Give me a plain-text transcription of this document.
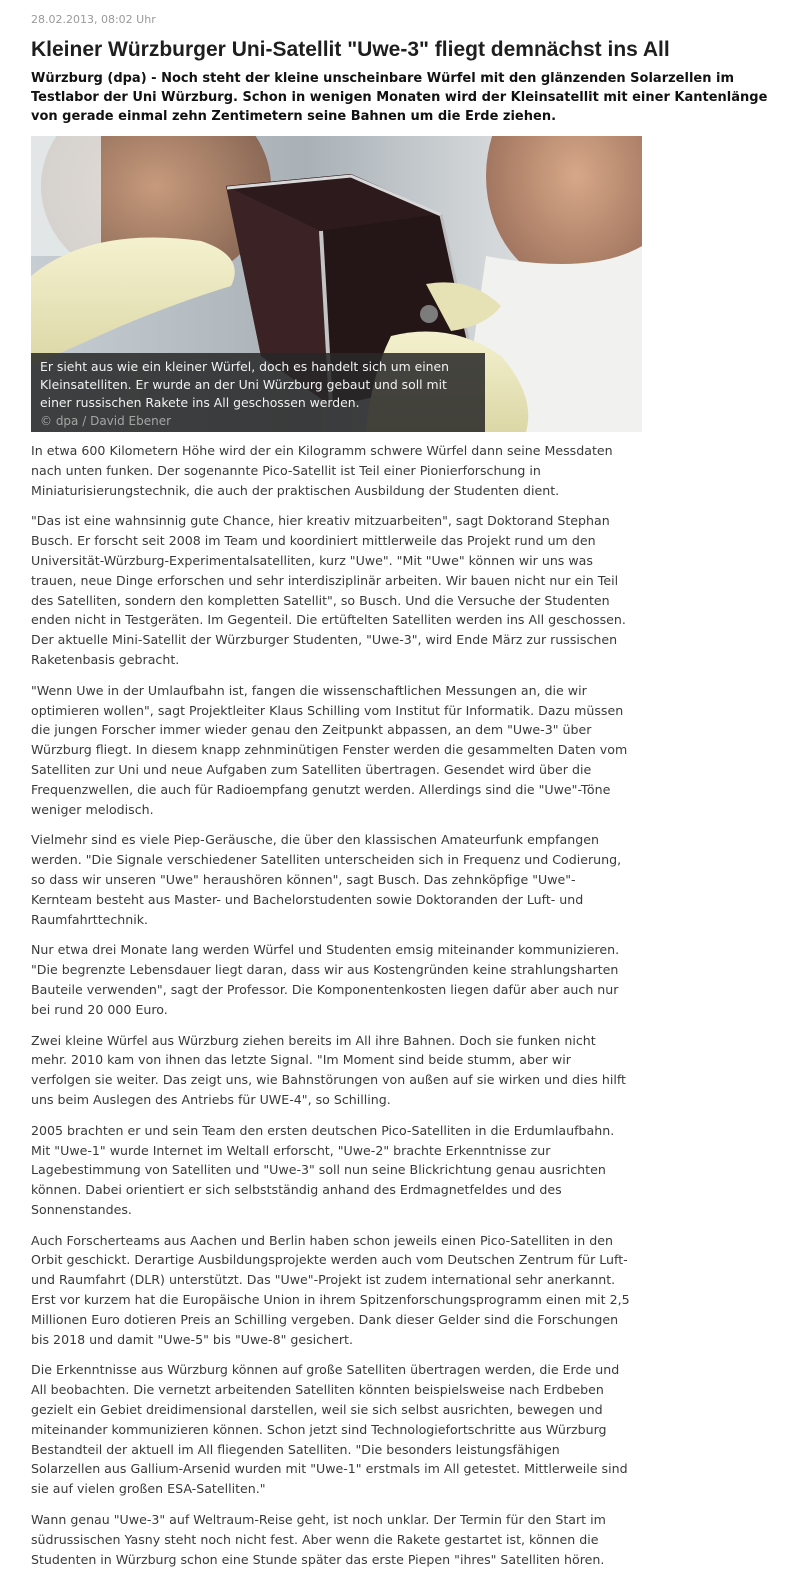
28.02.2013, 08:02 Uhr
Kleiner Würzburger Uni-Satellit "Uwe-3" fliegt demnächst ins All

Würzburg (dpa) - Noch steht der kleine unscheinbare Würfel mit den glänzenden Solarzellen im Testlabor der Uni Würzburg. Schon in wenigen Monaten wird der Kleinsatellit mit einer Kantenlänge von gerade einmal zehn Zentimetern seine Bahnen um die Erde ziehen.

Er sieht aus wie ein kleiner Würfel, doch es handelt sich um einen Kleinsatelliten. Er wurde an der Uni Würzburg gebaut und soll mit einer russischen Rakete ins All geschossen werden.
© dpa / David Ebener

In etwa 600 Kilometern Höhe wird der ein Kilogramm schwere Würfel dann seine Messdaten nach unten funken. Der sogenannte Pico-Satellit ist Teil einer Pionierforschung in Miniaturisierungstechnik, die auch der praktischen Ausbildung der Studenten dient.

"Das ist eine wahnsinnig gute Chance, hier kreativ mitzuarbeiten", sagt Doktorand Stephan Busch. Er forscht seit 2008 im Team und koordiniert mittlerweile das Projekt rund um den Universität-Würzburg-Experimentalsatelliten, kurz "Uwe". "Mit "Uwe" können wir uns was trauen, neue Dinge erforschen und sehr interdisziplinär arbeiten. Wir bauen nicht nur ein Teil des Satelliten, sondern den kompletten Satellit", so Busch. Und die Versuche der Studenten enden nicht in Testgeräten. Im Gegenteil. Die ertüftelten Satelliten werden ins All geschossen. Der aktuelle Mini-Satellit der Würzburger Studenten, "Uwe-3", wird Ende März zur russischen Raketenbasis gebracht.

"Wenn Uwe in der Umlaufbahn ist, fangen die wissenschaftlichen Messungen an, die wir optimieren wollen", sagt Projektleiter Klaus Schilling vom Institut für Informatik. Dazu müssen die jungen Forscher immer wieder genau den Zeitpunkt abpassen, an dem "Uwe-3" über Würzburg fliegt. In diesem knapp zehnminütigen Fenster werden die gesammelten Daten vom Satelliten zur Uni und neue Aufgaben zum Satelliten übertragen. Gesendet wird über die Frequenzwellen, die auch für Radioempfang genutzt werden. Allerdings sind die "Uwe"-Töne weniger melodisch.

Vielmehr sind es viele Piep-Geräusche, die über den klassischen Amateurfunk empfangen werden. "Die Signale verschiedener Satelliten unterscheiden sich in Frequenz und Codierung, so dass wir unseren "Uwe" heraushören können", sagt Busch. Das zehnköpfige "Uwe"-Kernteam besteht aus Master- und Bachelorstudenten sowie Doktoranden der Luft- und Raumfahrttechnik.

Nur etwa drei Monate lang werden Würfel und Studenten emsig miteinander kommunizieren. "Die begrenzte Lebensdauer liegt daran, dass wir aus Kostengründen keine strahlungsharten Bauteile verwenden", sagt der Professor. Die Komponentenkosten liegen dafür aber auch nur bei rund 20 000 Euro.

Zwei kleine Würfel aus Würzburg ziehen bereits im All ihre Bahnen. Doch sie funken nicht mehr. 2010 kam von ihnen das letzte Signal. "Im Moment sind beide stumm, aber wir verfolgen sie weiter. Das zeigt uns, wie Bahnstörungen von außen auf sie wirken und dies hilft uns beim Auslegen des Antriebs für UWE-4", so Schilling.

2005 brachten er und sein Team den ersten deutschen Pico-Satelliten in die Erdumlaufbahn. Mit "Uwe-1" wurde Internet im Weltall erforscht, "Uwe-2" brachte Erkenntnisse zur Lagebestimmung von Satelliten und "Uwe-3" soll nun seine Blickrichtung genau ausrichten können. Dabei orientiert er sich selbstständig anhand des Erdmagnetfeldes und des Sonnenstandes.

Auch Forscherteams aus Aachen und Berlin haben schon jeweils einen Pico-Satelliten in den Orbit geschickt. Derartige Ausbildungsprojekte werden auch vom Deutschen Zentrum für Luft- und Raumfahrt (DLR) unterstützt. Das "Uwe"-Projekt ist zudem international sehr anerkannt. Erst vor kurzem hat die Europäische Union in ihrem Spitzenforschungsprogramm einen mit 2,5 Millionen Euro dotieren Preis an Schilling vergeben. Dank dieser Gelder sind die Forschungen bis 2018 und damit "Uwe-5" bis "Uwe-8" gesichert.

Die Erkenntnisse aus Würzburg können auf große Satelliten übertragen werden, die Erde und All beobachten. Die vernetzt arbeitenden Satelliten könnten beispielsweise nach Erdbeben gezielt ein Gebiet dreidimensional darstellen, weil sie sich selbst ausrichten, bewegen und miteinander kommunizieren können. Schon jetzt sind Technologiefortschritte aus Würzburg Bestandteil der aktuell im All fliegenden Satelliten. "Die besonders leistungsfähigen Solarzellen aus Gallium-Arsenid wurden mit "Uwe-1" erstmals im All getestet. Mittlerweile sind sie auf vielen großen ESA-Satelliten."

Wann genau "Uwe-3" auf Weltraum-Reise geht, ist noch unklar. Der Termin für den Start im südrussischen Yasny steht noch nicht fest. Aber wenn die Rakete gestartet ist, können die Studenten in Würzburg schon eine Stunde später das erste Piepen "ihres" Satelliten hören.
